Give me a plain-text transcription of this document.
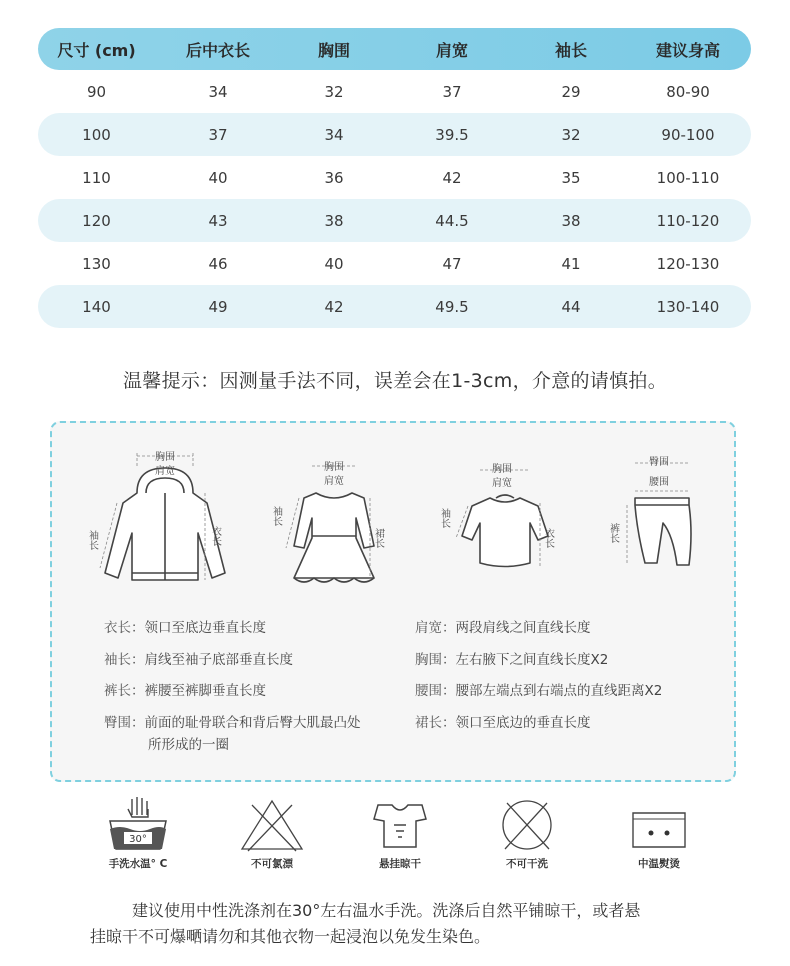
尺寸 (cm)	后中衣长	胸围	肩宽	袖长	建议身高
90	34	32	37	29	80-90
100	37	34	39.5	32	90-100
110	40	36	42	35	100-110
120	43	38	44.5	38	110-120
130	46	40	47	41	120-130
140	49	42	49.5	44	130-140
温馨提示：因测量手法不同，误差会在1-3cm，介意的请慎拍。
胸围
肩宽
衣长
袖长
胸围
肩宽
裙长
袖长
胸围
肩宽
衣长
袖长
臀围
腰围
裤长
衣长：领口至底边垂直长度
袖长：肩线至袖子底部垂直长度
裤长：裤腰至裤脚垂直长度
臀围：前面的耻骨联合和背后臀大肌最凸处
所形成的一圈
肩宽：两段肩线之间直线长度
胸围：左右腋下之间直线长度X2
腰围：腰部左端点到右端点的直线距离X2
裙长：领口至底边的垂直长度
30°
手洗水温° C	不可氯漂	悬挂晾干	不可干洗	中温熨烫
建议使用中性洗涤剂在30°左右温水手洗。洗涤后自然平铺晾干，或者悬
挂晾干不可爆嗮请勿和其他衣物一起浸泡以免发生染色。
